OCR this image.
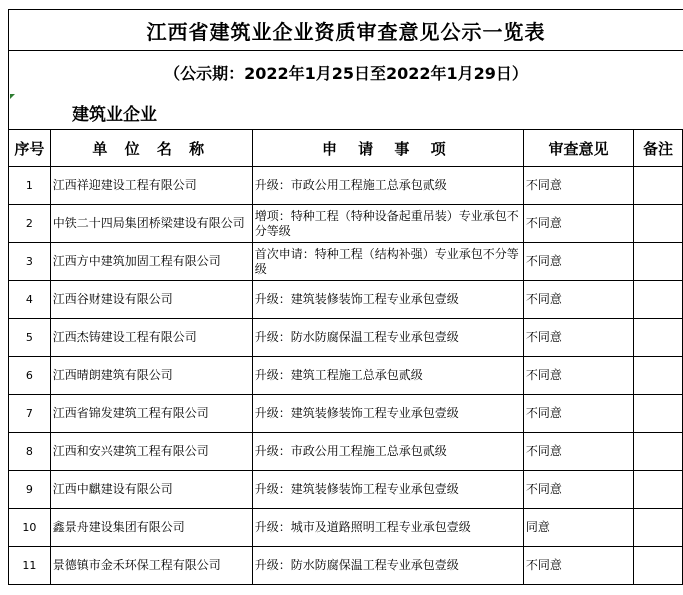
江西省建筑业企业资质审查意见公示一览表
（公示期：2022年1月25日至2022年1月29日）
建筑业企业
序号	单 位 名 称	申 请 事 项	审查意见	备注
1	江西祥迎建设工程有限公司	升级：市政公用工程施工总承包贰级	不同意	
2	中铁二十四局集团桥梁建设有限公司	增项：特种工程（特种设备起重吊装）专业承包不分等级	不同意	
3	江西方中建筑加固工程有限公司	首次申请：特种工程（结构补强）专业承包不分等级	不同意	
4	江西谷财建设有限公司	升级：建筑装修装饰工程专业承包壹级	不同意	
5	江西杰铸建设工程有限公司	升级：防水防腐保温工程专业承包壹级	不同意	
6	江西晴朗建筑有限公司	升级：建筑工程施工总承包贰级	不同意	
7	江西省锦发建筑工程有限公司	升级：建筑装修装饰工程专业承包壹级	不同意	
8	江西和安兴建筑工程有限公司	升级：市政公用工程施工总承包贰级	不同意	
9	江西中麒建设有限公司	升级：建筑装修装饰工程专业承包壹级	不同意	
10	鑫景舟建设集团有限公司	升级：城市及道路照明工程专业承包壹级	同意	
11	景德镇市金禾环保工程有限公司	升级：防水防腐保温工程专业承包壹级	不同意	
